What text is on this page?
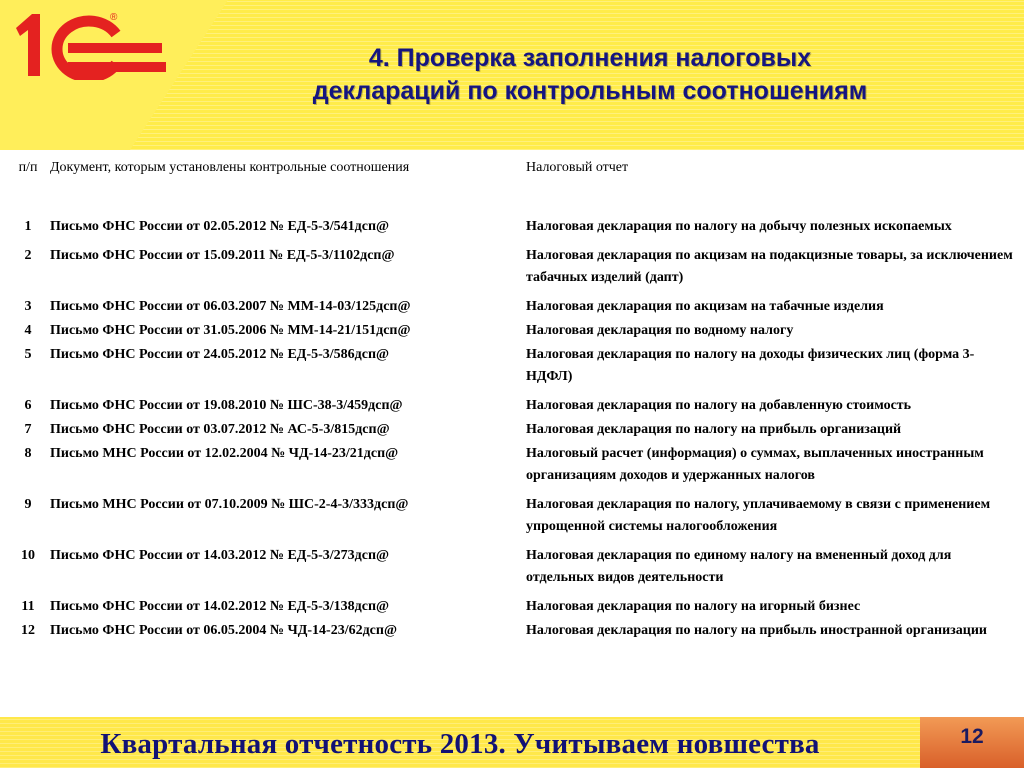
®
4. Проверка заполнения налоговых
деклараций по контрольным соотношениям
п/п	Документ, которым установлены контрольные соотношения	Налоговый отчет
1	Письмо ФНС России от 02.05.2012 № ЕД-5-3/541дсп@	Налоговая декларация по налогу на добычу полезных ископаемых
2	Письмо ФНС России от 15.09.2011 № ЕД-5-3/1102дсп@	Налоговая декларация по акцизам на подакцизные товары, за исключением табачных изделий (дапт)
3	Письмо ФНС России от 06.03.2007 № ММ-14-03/125дсп@	Налоговая декларация по акцизам на табачные изделия
4	Письмо ФНС России от 31.05.2006 № ММ-14-21/151дсп@	Налоговая декларация по водному налогу
5	Письмо ФНС России от 24.05.2012 № ЕД-5-3/586дсп@	Налоговая декларация по налогу на доходы физических лиц (форма 3-НДФЛ)
6	Письмо ФНС России от 19.08.2010 № ШС-38-3/459дсп@	Налоговая декларация по налогу на добавленную стоимость
7	Письмо ФНС России от 03.07.2012 № АС-5-3/815дсп@	Налоговая декларация по налогу на прибыль организаций
8	Письмо МНС России от 12.02.2004 № ЧД-14-23/21дсп@	Налоговый расчет (информация) о суммах, выплаченных иностранным организациям доходов и удержанных налогов
9	Письмо МНС России от 07.10.2009 № ШС-2-4-3/333дсп@	Налоговая декларация по налогу, уплачиваемому в связи с применением упрощенной системы налогообложения
10	Письмо ФНС России от 14.03.2012 № ЕД-5-3/273дсп@	Налоговая декларация по единому налогу на вмененный доход для отдельных видов деятельности
11	Письмо ФНС России от 14.02.2012 № ЕД-5-3/138дсп@	Налоговая декларация по налогу на игорный бизнес
12	Письмо ФНС России от 06.05.2004 № ЧД-14-23/62дсп@	Налоговая декларация по налогу на прибыль иностранной организации
Квартальная отчетность 2013. Учитываем новшества	12
